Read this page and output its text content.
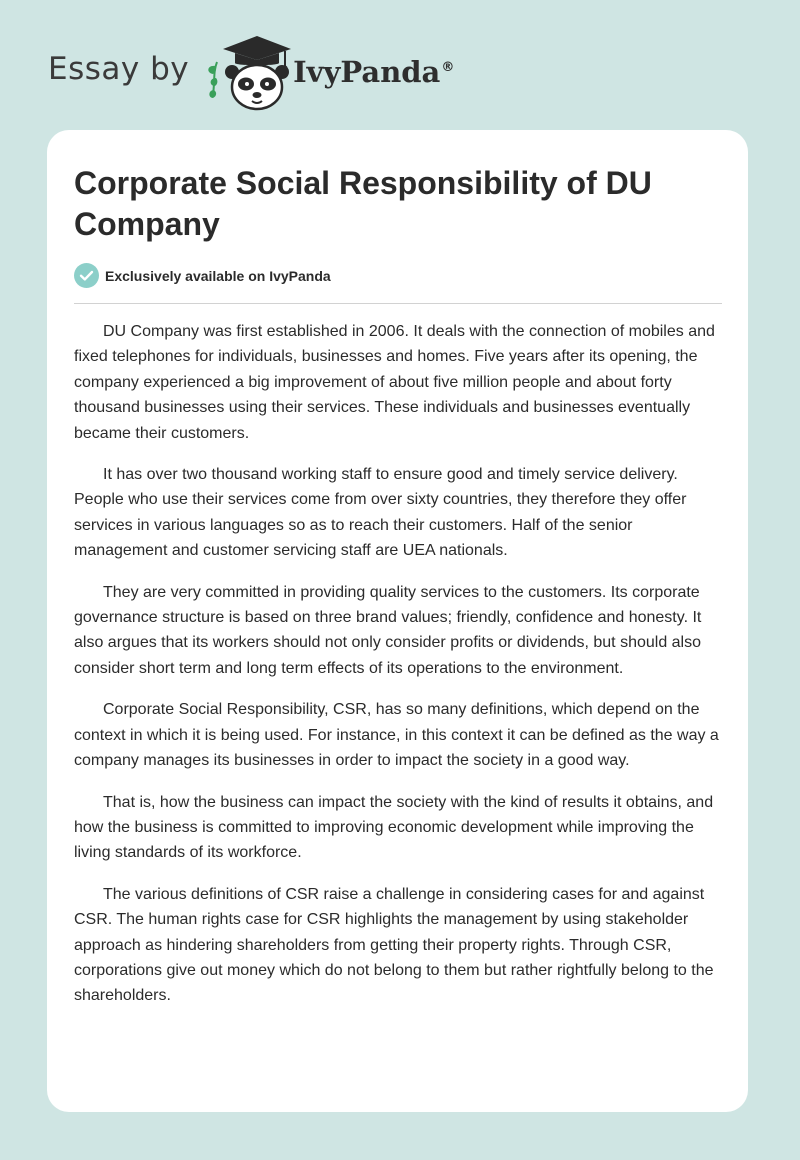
Essay by	IvyPanda®
Corporate Social Responsibility of DU Company
Exclusively available on IvyPanda

DU Company was first established in 2006. It deals with the connection of mobiles and fixed telephones for individuals, businesses and homes. Five years after its opening, the company experienced a big improvement of about five million people and about forty thousand businesses using their services. These individuals and businesses eventually became their customers.

It has over two thousand working staff to ensure good and timely service delivery. People who use their services come from over sixty countries, they therefore they offer services in various languages so as to reach their customers. Half of the senior management and customer servicing staff are UEA nationals.

They are very committed in providing quality services to the customers. Its corporate governance structure is based on three brand values; friendly, confidence and honesty. It also argues that its workers should not only consider profits or dividends, but should also consider short term and long term effects of its operations to the environment.

Corporate Social Responsibility, CSR, has so many definitions, which depend on the context in which it is being used. For instance, in this context it can be defined as the way a company manages its businesses in order to impact the society in a good way.

That is, how the business can impact the society with the kind of results it obtains, and how the business is committed to improving economic development while improving the living standards of its workforce.

The various definitions of CSR raise a challenge in considering cases for and against CSR. The human rights case for CSR highlights the management by using stakeholder approach as hindering shareholders from getting their property rights. Through CSR, corporations give out money which do not belong to them but rather rightfully belong to the shareholders.
